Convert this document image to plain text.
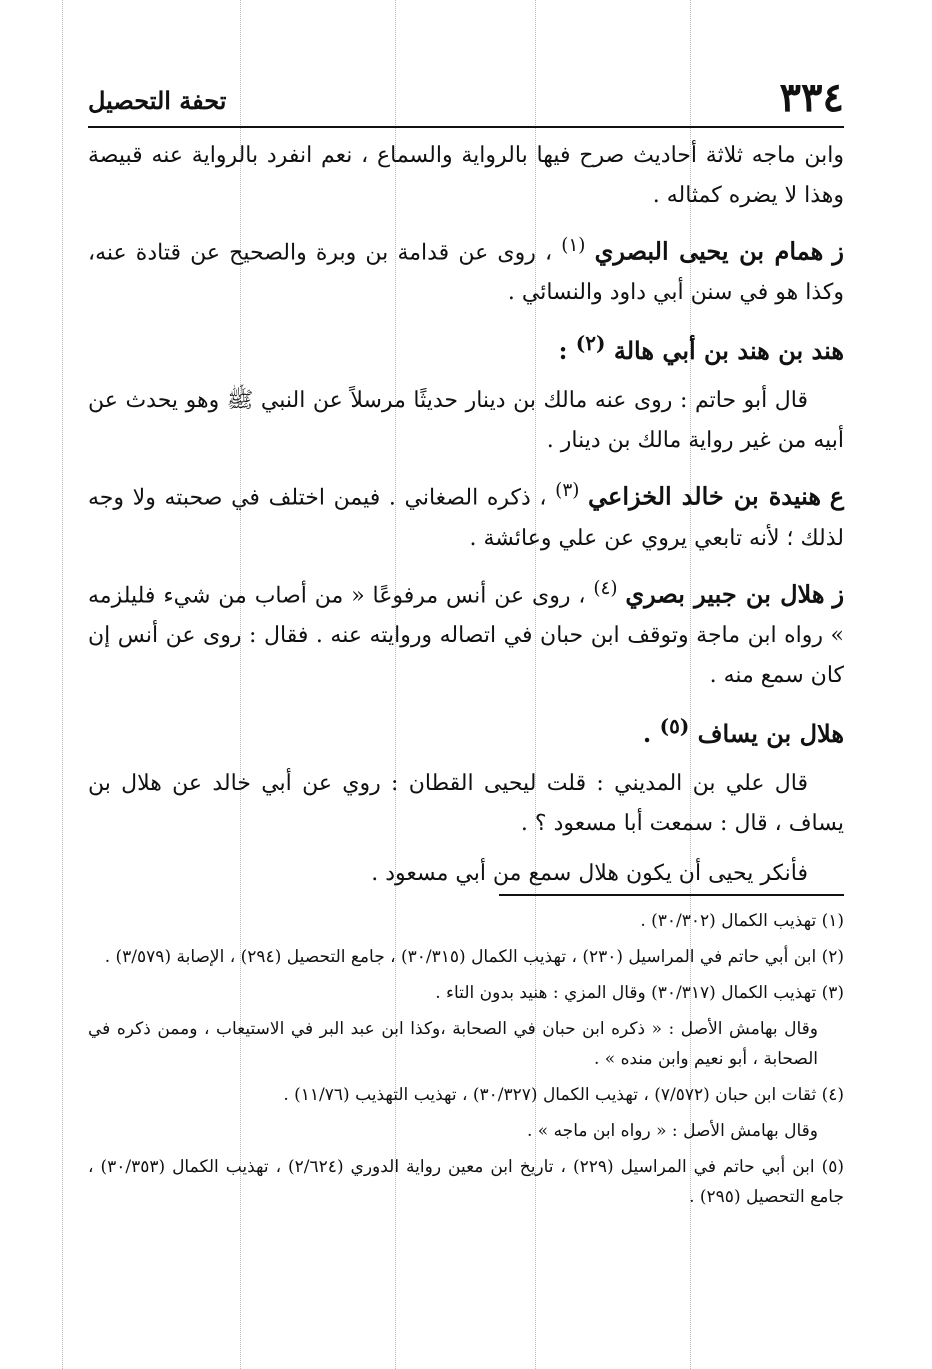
٣٣٤
تحفة التحصيل

وابن ماجه ثلاثة أحاديث صرح فيها بالرواية والسماع ، نعم انفرد بالرواية عنه قبيصة وهذا لا يضره كمثاله .

ز همام بن يحيى البصري $^{(١)}$ ، روى عن قدامة بن وبرة والصحيح عن قتادة عنه، وكذا هو في سنن أبي داود والنسائي .

هند بن هند بن أبي هالة $^{(٢)}$ :

قال أبو حاتم : روى عنه مالك بن دينار حديثًا مرسلاً عن النبي ﷺ وهو يحدث عن أبيه من غير رواية مالك بن دينار .

ع هنيدة بن خالد الخزاعي $^{(٣)}$ ، ذكره الصغاني . فيمن اختلف في صحبته ولا وجه لذلك ؛ لأنه تابعي يروي عن علي وعائشة .

ز هلال بن جبير بصري $^{(٤)}$ ، روى عن أنس مرفوعًا « من أصاب من شيء فليلزمه » رواه ابن ماجة وتوقف ابن حبان في اتصاله وروايته عنه . فقال : روى عن أنس إن كان سمع منه .

هلال بن يساف $^{(٥)}$ .

قال علي بن المديني : قلت ليحيى القطان : روي عن أبي خالد عن هلال بن يساف ، قال : سمعت أبا مسعود ؟ .

فأنكر يحيى أن يكون هلال سمع من أبي مسعود .

(١) تهذيب الكمال (٣٠/٣٠٢) .

(٢) ابن أبي حاتم في المراسيل (٢٣٠) ، تهذيب الكمال (٣٠/٣١٥) ، جامع التحصيل (٢٩٤) ، الإصابة (٣/٥٧٩) .

(٣) تهذيب الكمال (٣٠/٣١٧) وقال المزي : هنيد بدون التاء .

وقال بهامش الأصل : « ذكره ابن حبان في الصحابة ،وكذا ابن عبد البر في الاستيعاب ، وممن ذكره في الصحابة ، أبو نعيم وابن منده » .

(٤) ثقات ابن حبان (٧/٥٧٢) ، تهذيب الكمال (٣٠/٣٢٧) ، تهذيب التهذيب (١١/٧٦) .

وقال بهامش الأصل : « رواه ابن ماجه » .

(٥) ابن أبي حاتم في المراسيل (٢٢٩) ، تاريخ ابن معين رواية الدوري (٢/٦٢٤) ، تهذيب الكمال (٣٠/٣٥٣) ، جامع التحصيل (٢٩٥) .
